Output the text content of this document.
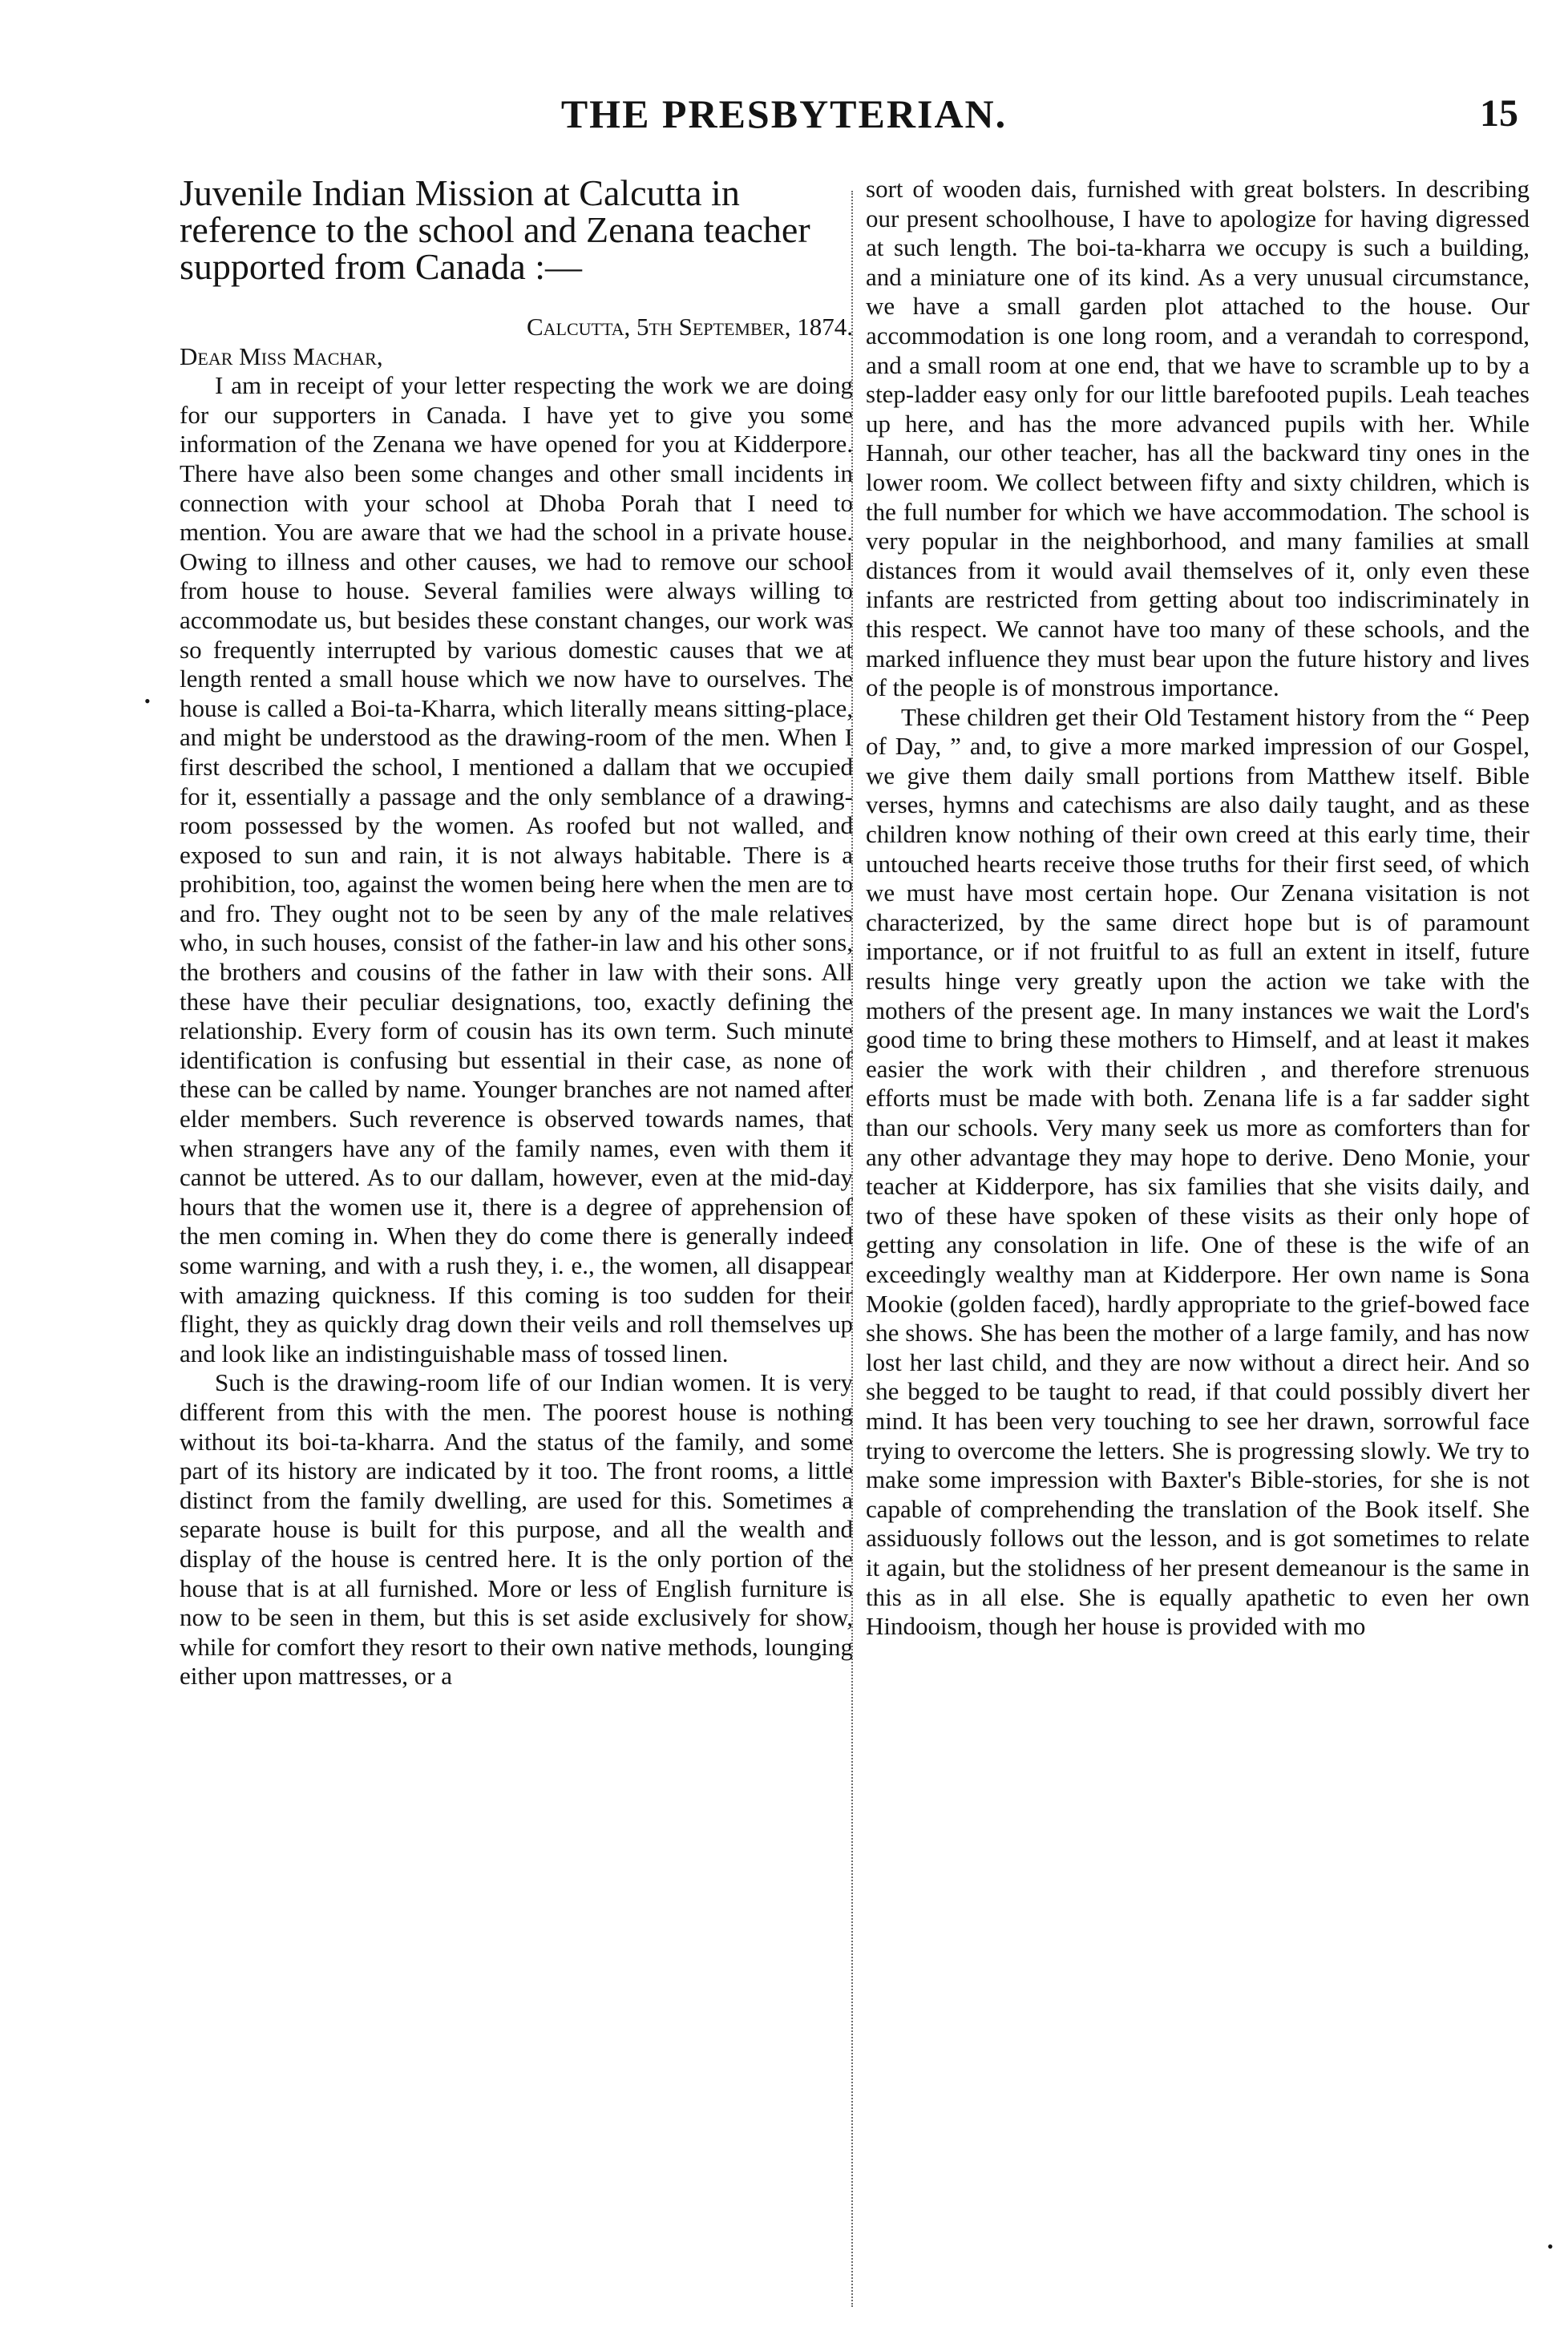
THE PRESBYTERIAN.	15
Juvenile Indian Mission at Calcutta in reference to the school and Zenana teacher supported from Canada :—

Calcutta, 5th September, 1874.

Dear Miss Machar,

I am in receipt of your letter respecting the work we are doing for our supporters in Canada. I have yet to give you some information of the Zenana we have opened for you at Kidderpore. There have also been some changes and other small incidents in connection with your school at Dhoba Porah that I need to mention. You are aware that we had the school in a private house. Owing to illness and other causes, we had to remove our school from house to house. Several families were always willing to accommodate us, but besides these constant changes, our work was so frequently interrupted by various domestic causes that we at length rented a small house which we now have to ourselves. The house is called a Boi-ta-Kharra, which literally means sitting-place, and might be understood as the drawing-room of the men. When I first described the school, I mentioned a dallam that we occupied for it, essentially a passage and the only semblance of a drawing-room possessed by the women. As roofed but not walled, and exposed to sun and rain, it is not always habitable. There is a prohibition, too, against the women being here when the men are to and fro. They ought not to be seen by any of the male relatives who, in such houses, consist of the father-in law and his other sons, the brothers and cousins of the father in law with their sons. All these have their peculiar designations, too, exactly defining the relationship. Every form of cousin has its own term. Such minute identification is confusing but essential in their case, as none of these can be called by name. Younger branches are not named after elder members. Such reverence is observed towards names, that when strangers have any of the family names, even with them it cannot be uttered. As to our dallam, however, even at the mid-day hours that the women use it, there is a degree of apprehension of the men coming in. When they do come there is generally indeed some warning, and with a rush they, i. e., the women, all disappear with amazing quickness. If this coming is too sudden for their flight, they as quickly drag down their veils and roll themselves up and look like an indistinguishable mass of tossed linen.

Such is the drawing-room life of our Indian women. It is very different from this with the men. The poorest house is nothing without its boi-ta-kharra. And the status of the family, and some part of its history are indicated by it too. The front rooms, a little distinct from the family dwelling, are used for this. Sometimes a separate house is built for this purpose, and all the wealth and display of the house is centred here. It is the only portion of the house that is at all furnished. More or less of English furniture is now to be seen in them, but this is set aside exclusively for show, while for comfort they resort to their own native methods, lounging either upon mattresses, or a

sort of wooden dais, furnished with great bolsters. In describing our present schoolhouse, I have to apologize for having digressed at such length. The boi-ta-kharra we occupy is such a building, and a miniature one of its kind. As a very unusual circumstance, we have a small garden plot attached to the house. Our accommodation is one long room, and a verandah to correspond, and a small room at one end, that we have to scramble up to by a step-ladder easy only for our little barefooted pupils. Leah teaches up here, and has the more advanced pupils with her. While Hannah, our other teacher, has all the backward tiny ones in the lower room. We collect between fifty and sixty children, which is the full number for which we have accommodation. The school is very popular in the neighborhood, and many families at small distances from it would avail themselves of it, only even these infants are restricted from getting about too indiscriminately in this respect. We cannot have too many of these schools, and the marked influence they must bear upon the future history and lives of the people is of monstrous importance.

These children get their Old Testament history from the “ Peep of Day, ” and, to give a more marked impression of our Gospel, we give them daily small portions from Matthew itself. Bible verses, hymns and catechisms are also daily taught, and as these children know nothing of their own creed at this early time, their untouched hearts receive those truths for their first seed, of which we must have most certain hope. Our Zenana visitation is not characterized, by the same direct hope but is of paramount importance, or if not fruitful to as full an extent in itself, future results hinge very greatly upon the action we take with the mothers of the present age. In many instances we wait the Lord's good time to bring these mothers to Himself, and at least it makes easier the work with their children , and therefore strenuous efforts must be made with both. Zenana life is a far sadder sight than our schools. Very many seek us more as comforters than for any other advantage they may hope to derive. Deno Monie, your teacher at Kidderpore, has six families that she visits daily, and two of these have spoken of these visits as their only hope of getting any consolation in life. One of these is the wife of an exceedingly wealthy man at Kidderpore. Her own name is Sona Mookie (golden faced), hardly appropriate to the grief-bowed face she shows. She has been the mother of a large family, and has now lost her last child, and they are now without a direct heir. And so she begged to be taught to read, if that could possibly divert her mind. It has been very touching to see her drawn, sorrowful face trying to overcome the letters. She is progressing slowly. We try to make some impression with Baxter's Bible-stories, for she is not capable of comprehending the translation of the Book itself. She assiduously follows out the lesson, and is got sometimes to relate it again, but the stolidness of her present demeanour is the same in this as in all else. She is equally apathetic to even her own Hindooism, though her house is provided with mo

•
•
